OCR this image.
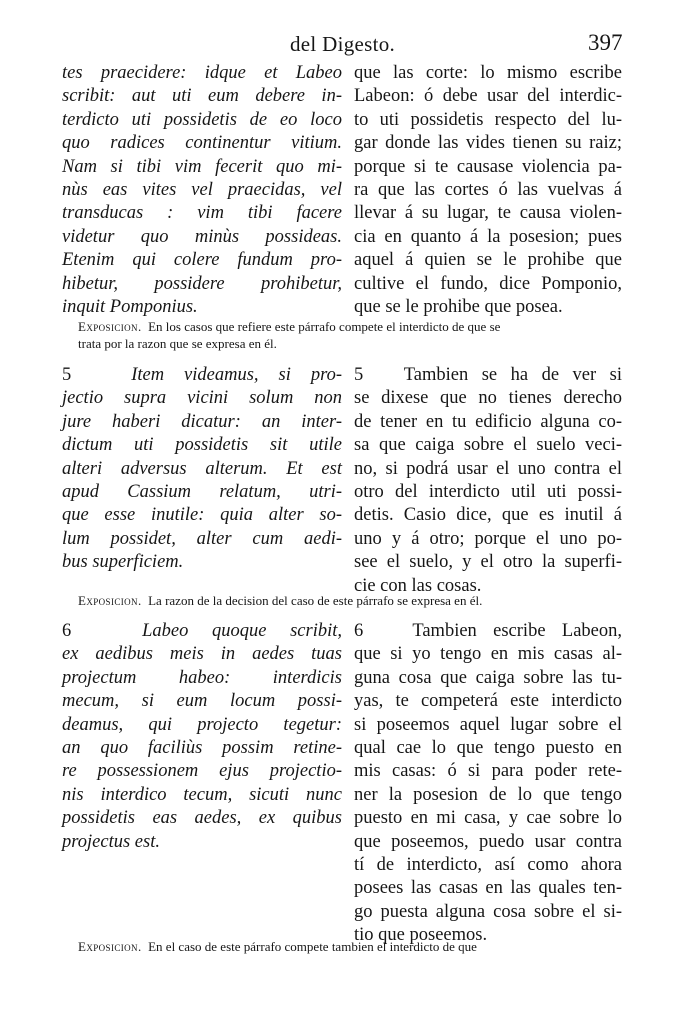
del Digesto.	397
tes praecidere: idque et Labeo
scribit: aut uti eum debere in-
terdicto uti possidetis de eo loco
quo radices continentur vitium.
Nam si tibi vim fecerit quo mi-
nùs eas vites vel praecidas, vel
transducas : vim tibi facere
videtur quo minùs possideas.
Etenim qui colere fundum pro-
hibetur, possidere prohibetur,
inquit Pomponius.
que las corte: lo mismo escribe
Labeon: ó debe usar del interdic-
to uti possidetis respecto del lu-
gar donde las vides tienen su raiz;
porque si te causase violencia pa-
ra que las cortes ó las vuelvas á
llevar á su lugar, te causa violen-
cia en quanto á la posesion; pues
aquel á quien se le prohibe que
cultive el fundo, dice Pomponio,
que se le prohibe que posea.
Exposicion. En los casos que refiere este párrafo compete el interdicto de que se
trata por la razon que se expresa en él.
5	Item videamus, si pro-
jectio supra vicini solum non
jure haberi dicatur: an inter-
dictum uti possidetis sit utile
alteri adversus alterum. Et est
apud Cassium relatum, utri-
que esse inutile: quia alter so-
lum possidet, alter cum aedi-
bus superficiem.
5 Tambien se ha de ver si
se dixese que no tienes derecho
de tener en tu edificio alguna co-
sa que caiga sobre el suelo veci-
no, si podrá usar el uno contra el
otro del interdicto util uti possi-
detis. Casio dice, que es inutil á
uno y á otro; porque el uno po-
see el suelo, y el otro la superfi-
cie con las cosas.
Exposicion. La razon de la decision del caso de este párrafo se expresa en él.
6	Labeo quoque scribit,
ex aedibus meis in aedes tuas
projectum habeo: interdicis
mecum, si eum locum possi-
deamus, qui projecto tegetur:
an quo faciliùs possim retine-
re possessionem ejus projectio-
nis interdico tecum, sicuti nunc
possidetis eas aedes, ex quibus
projectus est.
6	Tambien escribe Labeon,
que si yo tengo en mis casas al-
guna cosa que caiga sobre las tu-
yas, te competerá este interdicto
si poseemos aquel lugar sobre el
qual cae lo que tengo puesto en
mis casas: ó si para poder rete-
ner la posesion de lo que tengo
puesto en mi casa, y cae sobre lo
que poseemos, puedo usar contra
tí de interdicto, así como ahora
posees las casas en las quales ten-
go puesta alguna cosa sobre el si-
tio que poseemos.
Exposicion. En el caso de este párrafo compete tambien el interdicto de que
